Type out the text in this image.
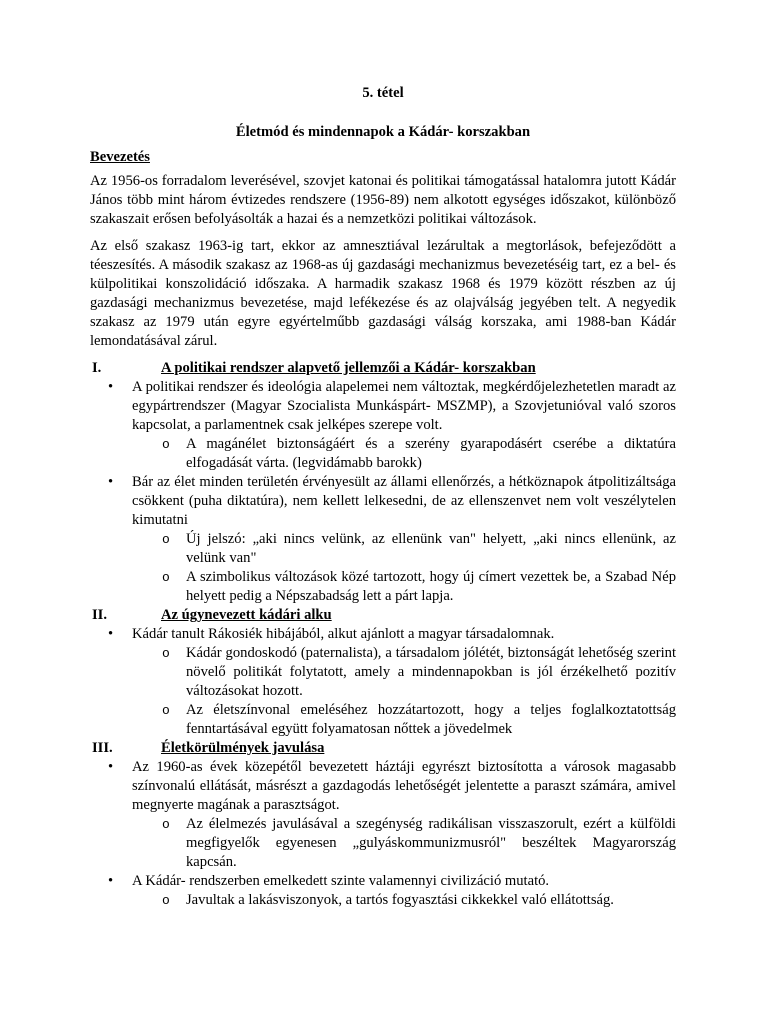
5. tétel
Életmód és mindennapok a Kádár- korszakban
Bevezetés

Az 1956-os forradalom leverésével, szovjet katonai és politikai támogatással hatalomra jutott Kádár János több mint három évtizedes rendszere (1956-89) nem alkotott egységes időszakot, különböző szakaszait erősen befolyásolták a hazai és a nemzetközi politikai változások.

Az első szakasz 1963-ig tart, ekkor az amnesztiával lezárultak a megtorlások, befejeződött a téeszesítés. A második szakasz az 1968-as új gazdasági mechanizmus bevezetéséig tart, ez a bel- és külpolitikai konszolidáció időszaka. A harmadik szakasz 1968 és 1979 között részben az új gazdasági mechanizmus bevezetése, majd lefékezése és az olajválság jegyében telt. A negyedik szakasz az 1979 után egyre egyértelműbb gazdasági válság korszaka, ami 1988-ban Kádár lemondatásával zárul.

I.	A politikai rendszer alapvető jellemzői a Kádár- korszakban
•	A politikai rendszer és ideológia alapelemei nem változtak, megkérdőjelezhetetlen maradt az egypártrendszer (Magyar Szocialista Munkáspárt- MSZMP), a Szovjetunióval való szoros kapcsolat, a parlamentnek csak jelképes szerepe volt.
o	A magánélet biztonságáért és a szerény gyarapodásért cserébe a diktatúra elfogadását várta. (legvidámabb barokk)
•	Bár az élet minden területén érvényesült az állami ellenőrzés, a hétköznapok átpolitizáltsága csökkent (puha diktatúra), nem kellett lelkesedni, de az ellenszenvet nem volt veszélytelen kimutatni
o	Új jelszó: „aki nincs velünk, az ellenünk van" helyett, „aki nincs ellenünk, az velünk van"
o	A szimbolikus változások közé tartozott, hogy új címert vezettek be, a Szabad Nép helyett pedig a Népszabadság lett a párt lapja.
II.	Az úgynevezett kádári alku
•	Kádár tanult Rákosiék hibájából, alkut ajánlott a magyar társadalomnak.
o	Kádár gondoskodó (paternalista), a társadalom jólétét, biztonságát lehetőség szerint növelő politikát folytatott, amely a mindennapokban is jól érzékelhető pozitív változásokat hozott.
o	Az életszínvonal emeléséhez hozzátartozott, hogy a teljes foglalkoztatottság fenntartásával együtt folyamatosan nőttek a jövedelmek
III.	Életkörülmények javulása
•	Az 1960-as évek közepétől bevezetett háztáji egyrészt biztosította a városok magasabb színvonalú ellátását, másrészt a gazdagodás lehetőségét jelentette a paraszt számára, amivel megnyerte magának a parasztságot.
o	Az élelmezés javulásával a szegénység radikálisan visszaszorult, ezért a külföldi megfigyelők egyenesen „gulyáskommunizmusról" beszéltek Magyarország kapcsán.
•	A Kádár- rendszerben emelkedett szinte valamennyi civilizáció mutató.
o	Javultak a lakásviszonyok, a tartós fogyasztási cikkekkel való ellátottság.
